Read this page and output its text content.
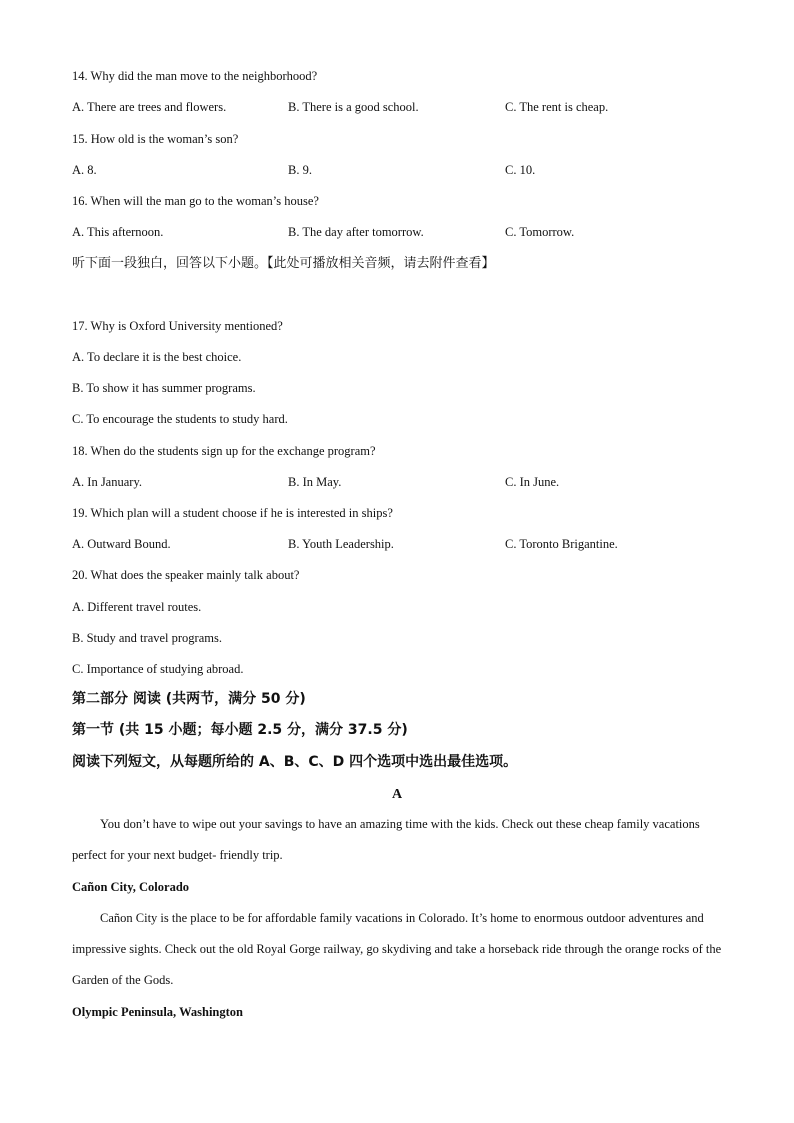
14. Why did the man move to the neighborhood?
A. There are trees and flowers.	B. There is a good school.	C. The rent is cheap.
15. How old is the woman’s son?
A. 8.	B. 9.	C. 10.
16. When will the man go to the woman’s house?
A. This afternoon.	B. The day after tomorrow.	C. Tomorrow.
听下面一段独白，回答以下小题。【此处可播放相关音频，请去附件查看】
17. Why is Oxford University mentioned?
A. To declare it is the best choice.
B. To show it has summer programs.
C. To encourage the students to study hard.
18. When do the students sign up for the exchange program?
A. In January.	B. In May.	C. In June.
19. Which plan will a student choose if he is interested in ships?
A. Outward Bound.	B. Youth Leadership.	C. Toronto Brigantine.
20. What does the speaker mainly talk about?
A. Different travel routes.
B. Study and travel programs.
C. Importance of studying abroad.
第二部分 阅读 (共两节，满分 50 分)
第一节 (共 15 小题；每小题 2.5 分，满分 37.5 分)
阅读下列短文，从每题所给的 A、B、C、D 四个选项中选出最佳选项。
A
You don’t have to wipe out your savings to have an amazing time with the kids. Check out these cheap family vacations perfect for your next budget- friendly trip.
Cañon City, Colorado
Cañon City is the place to be for affordable family vacations in Colorado. It’s home to enormous outdoor adventures and impressive sights. Check out the old Royal Gorge railway, go skydiving and take a horseback ride through the orange rocks of the Garden of the Gods.
Olympic Peninsula, Washington
